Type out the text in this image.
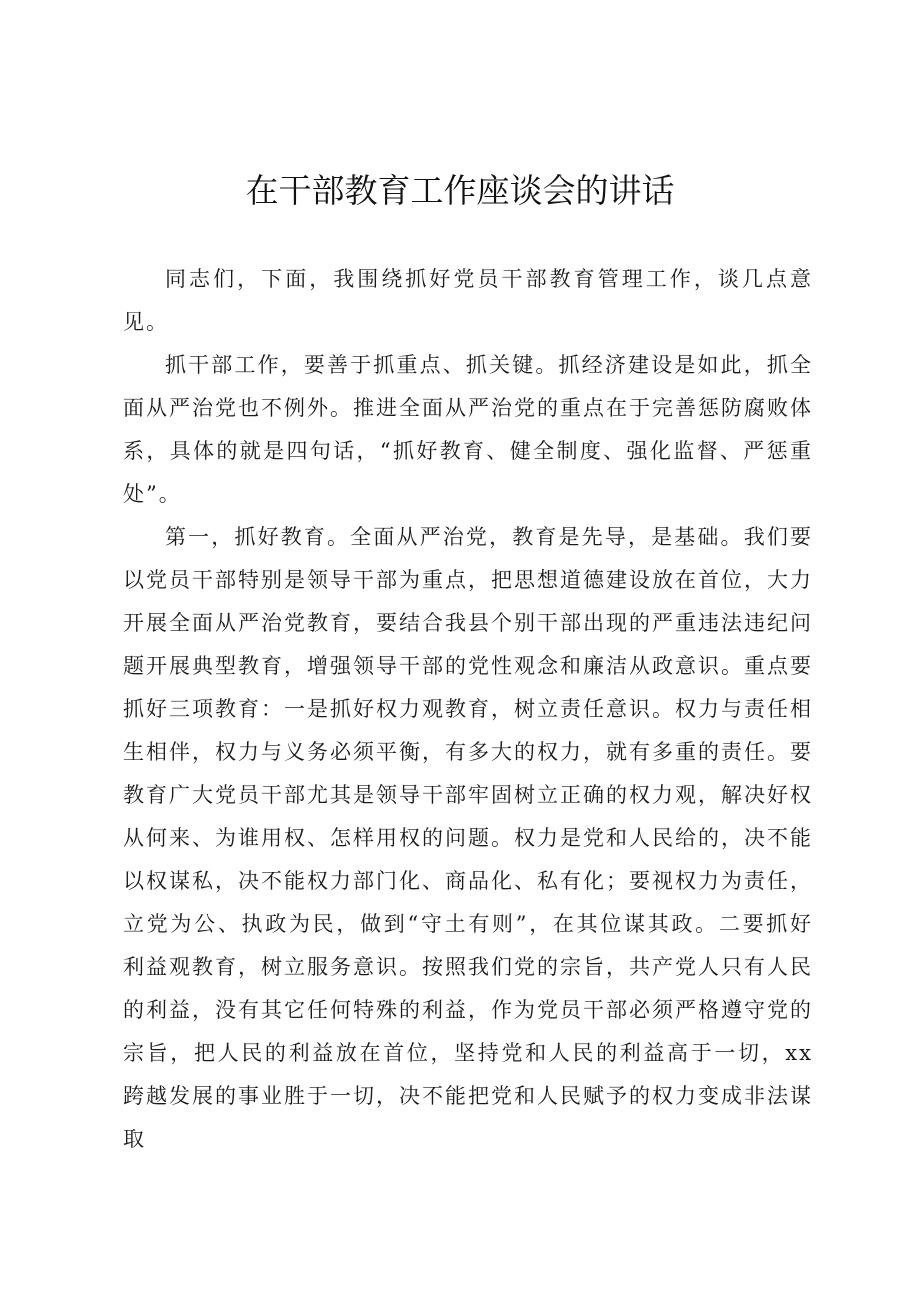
在干部教育工作座谈会的讲话

同志们，下面，我围绕抓好党员干部教育管理工作，谈几点意见。

抓干部工作，要善于抓重点、抓关键。抓经济建设是如此，抓全面从严治党也不例外。推进全面从严治党的重点在于完善惩防腐败体系，具体的就是四句话，“抓好教育、健全制度、强化监督、严惩重处”。

第一，抓好教育。全面从严治党，教育是先导，是基础。我们要以党员干部特别是领导干部为重点，把思想道德建设放在首位，大力开展全面从严治党教育，要结合我县个别干部出现的严重违法违纪问题开展典型教育，增强领导干部的党性观念和廉洁从政意识。重点要抓好三项教育：一是抓好权力观教育，树立责任意识。权力与责任相生相伴，权力与义务必须平衡，有多大的权力，就有多重的责任。要教育广大党员干部尤其是领导干部牢固树立正确的权力观，解决好权从何来、为谁用权、怎样用权的问题。权力是党和人民给的，决不能以权谋私，决不能权力部门化、商品化、私有化；要视权力为责任，立党为公、执政为民，做到“守土有则”，在其位谋其政。二要抓好利益观教育，树立服务意识。按照我们党的宗旨，共产党人只有人民的利益，没有其它任何特殊的利益，作为党员干部必须严格遵守党的宗旨，把人民的利益放在首位，坚持党和人民的利益高于一切，xx跨越发展的事业胜于一切，决不能把党和人民赋予的权力变成非法谋取
